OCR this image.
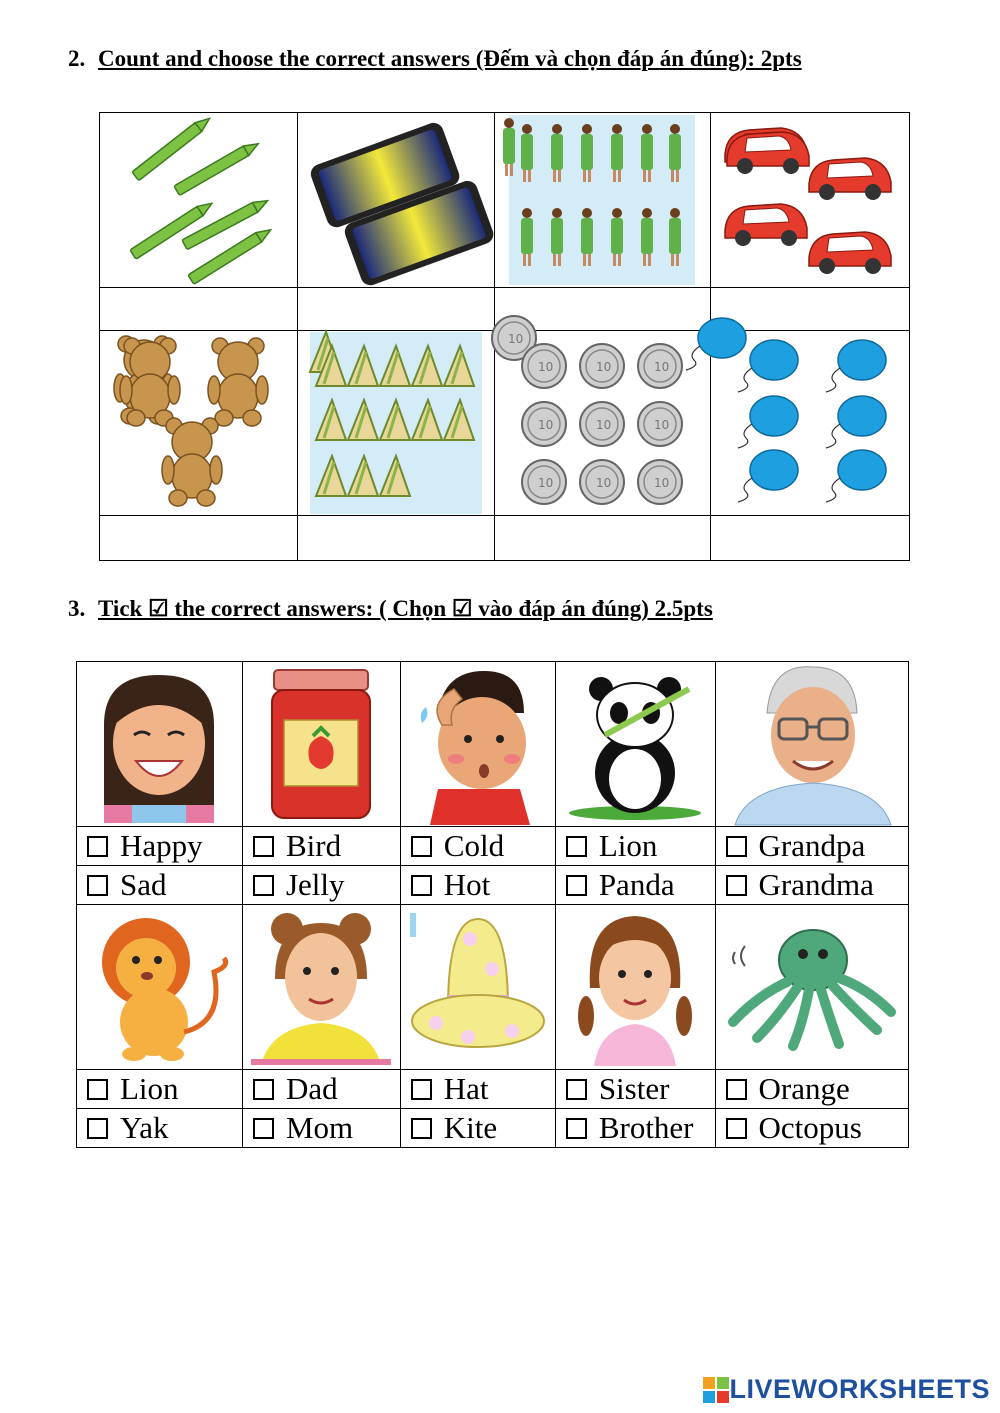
2. Count and choose the correct answers (Đếm và chọn đáp án đúng): 2pts

10

3. Tick ☑ the correct answers: ( Chọn ☑ vào đáp án đúng) 2.5pts

Happy	Bird	Cold	Lion	Grandpa
Sad	Jelly	Hot	Panda	Grandma

Lion	Dad	Hat	Sister	Orange
Yak	Mom	Kite	Brother	Octopus
LIVEWORKSHEETS
